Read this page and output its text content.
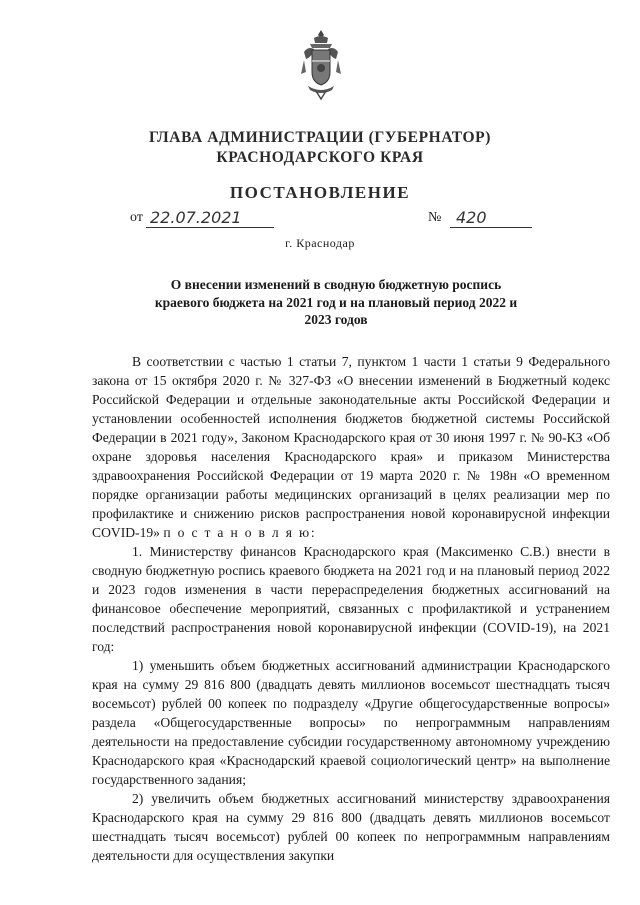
ГЛАВА АДМИНИСТРАЦИИ (ГУБЕРНАТОР)
КРАСНОДАРСКОГО КРАЯ
ПОСТАНОВЛЕНИЕ
от 22.07.2021	№ 420
г. Краснодар
О внесении изменений в сводную бюджетную роспись краевого бюджета на 2021 год и на плановый период 2022 и 2023 годов

В соответствии с частью 1 статьи 7, пунктом 1 части 1 статьи 9 Федерального закона от 15 октября 2020 г. № 327-ФЗ «О внесении изменений в Бюджетный кодекс Российской Федерации и отдельные законодательные акты Российской Федерации и установлении особенностей исполнения бюджетов бюджетной системы Российской Федерации в 2021 году», Законом Краснодарского края от 30 июня 1997 г. № 90-КЗ «Об охране здоровья населения Краснодарского края» и приказом Министерства здравоохранения Российской Федерации от 19 марта 2020 г. № 198н «О временном порядке организации работы медицинских организаций в целях реализации мер по профилактике и снижению рисков распространения новой коронавирусной инфекции COVID-19» п о с т а н о в л я ю:

1. Министерству финансов Краснодарского края (Максименко С.В.) внести в сводную бюджетную роспись краевого бюджета на 2021 год и на плановый период 2022 и 2023 годов изменения в части перераспределения бюджетных ассигнований на финансовое обеспечение мероприятий, связанных с профилактикой и устранением последствий распространения новой коронавирусной инфекции (COVID-19), на 2021 год:

1) уменьшить объем бюджетных ассигнований администрации Краснодарского края на сумму 29 816 800 (двадцать девять миллионов восемьсот шестнадцать тысяч восемьсот) рублей 00 копеек по подразделу «Другие общегосударственные вопросы» раздела «Общегосударственные вопросы» по непрограммным направлениям деятельности на предоставление субсидии государственному автономному учреждению Краснодарского края «Краснодарский краевой социологический центр» на выполнение государственного задания;

2) увеличить объем бюджетных ассигнований министерству здравоохранения Краснодарского края на сумму 29 816 800 (двадцать девять миллионов восемьсот шестнадцать тысяч восемьсот) рублей 00 копеек по непрограммным направлениям деятельности для осуществления закупки
